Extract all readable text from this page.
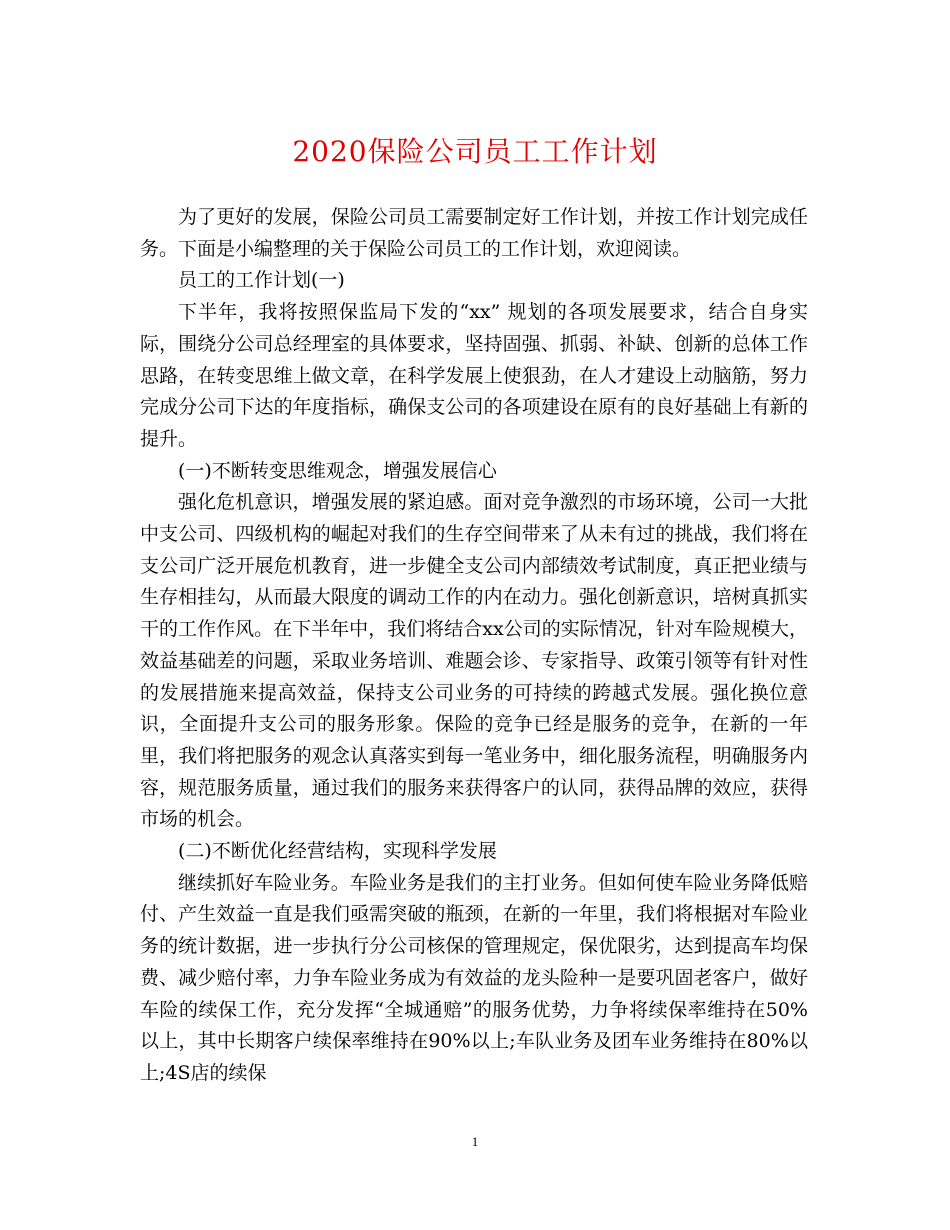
2020保险公司员工工作计划

为了更好的发展，保险公司员工需要制定好工作计划，并按工作计划完成任务。下面是小编整理的关于保险公司员工的工作计划，欢迎阅读。

员工的工作计划(一)

下半年，我将按照保监局下发的“xx” 规划的各项发展要求，结合自身实际，围绕分公司总经理室的具体要求，坚持固强、抓弱、补缺、创新的总体工作思路，在转变思维上做文章，在科学发展上使狠劲，在人才建设上动脑筋，努力完成分公司下达的年度指标，确保支公司的各项建设在原有的良好基础上有新的提升。

(一)不断转变思维观念，增强发展信心

强化危机意识，增强发展的紧迫感。面对竞争激烈的市场环境，公司一大批中支公司、四级机构的崛起对我们的生存空间带来了从未有过的挑战，我们将在支公司广泛开展危机教育，进一步健全支公司内部绩效考试制度，真正把业绩与生存相挂勾，从而最大限度的调动工作的内在动力。强化创新意识，培树真抓实干的工作作风。在下半年中，我们将结合xx公司的实际情况，针对车险规模大，效益基础差的问题，采取业务培训、难题会诊、专家指导、政策引领等有针对性的发展措施来提高效益，保持支公司业务的可持续的跨越式发展。强化换位意识，全面提升支公司的服务形象。保险的竞争已经是服务的竞争，在新的一年里，我们将把服务的观念认真落实到每一笔业务中，细化服务流程，明确服务内容，规范服务质量，通过我们的服务来获得客户的认同，获得品牌的效应，获得市场的机会。

(二)不断优化经营结构，实现科学发展

继续抓好车险业务。车险业务是我们的主打业务。但如何使车险业务降低赔付、产生效益一直是我们亟需突破的瓶颈，在新的一年里，我们将根据对车险业务的统计数据，进一步执行分公司核保的管理规定，保优限劣，达到提高车均保费、减少赔付率，力争车险业务成为有效益的龙头险种一是要巩固老客户，做好车险的续保工作，充分发挥“全城通赔”的服务优势，力争将续保率维持在50%以上，其中长期客户续保率维持在90%以上;车队业务及团车业务维持在80%以上;4S店的续保

1
